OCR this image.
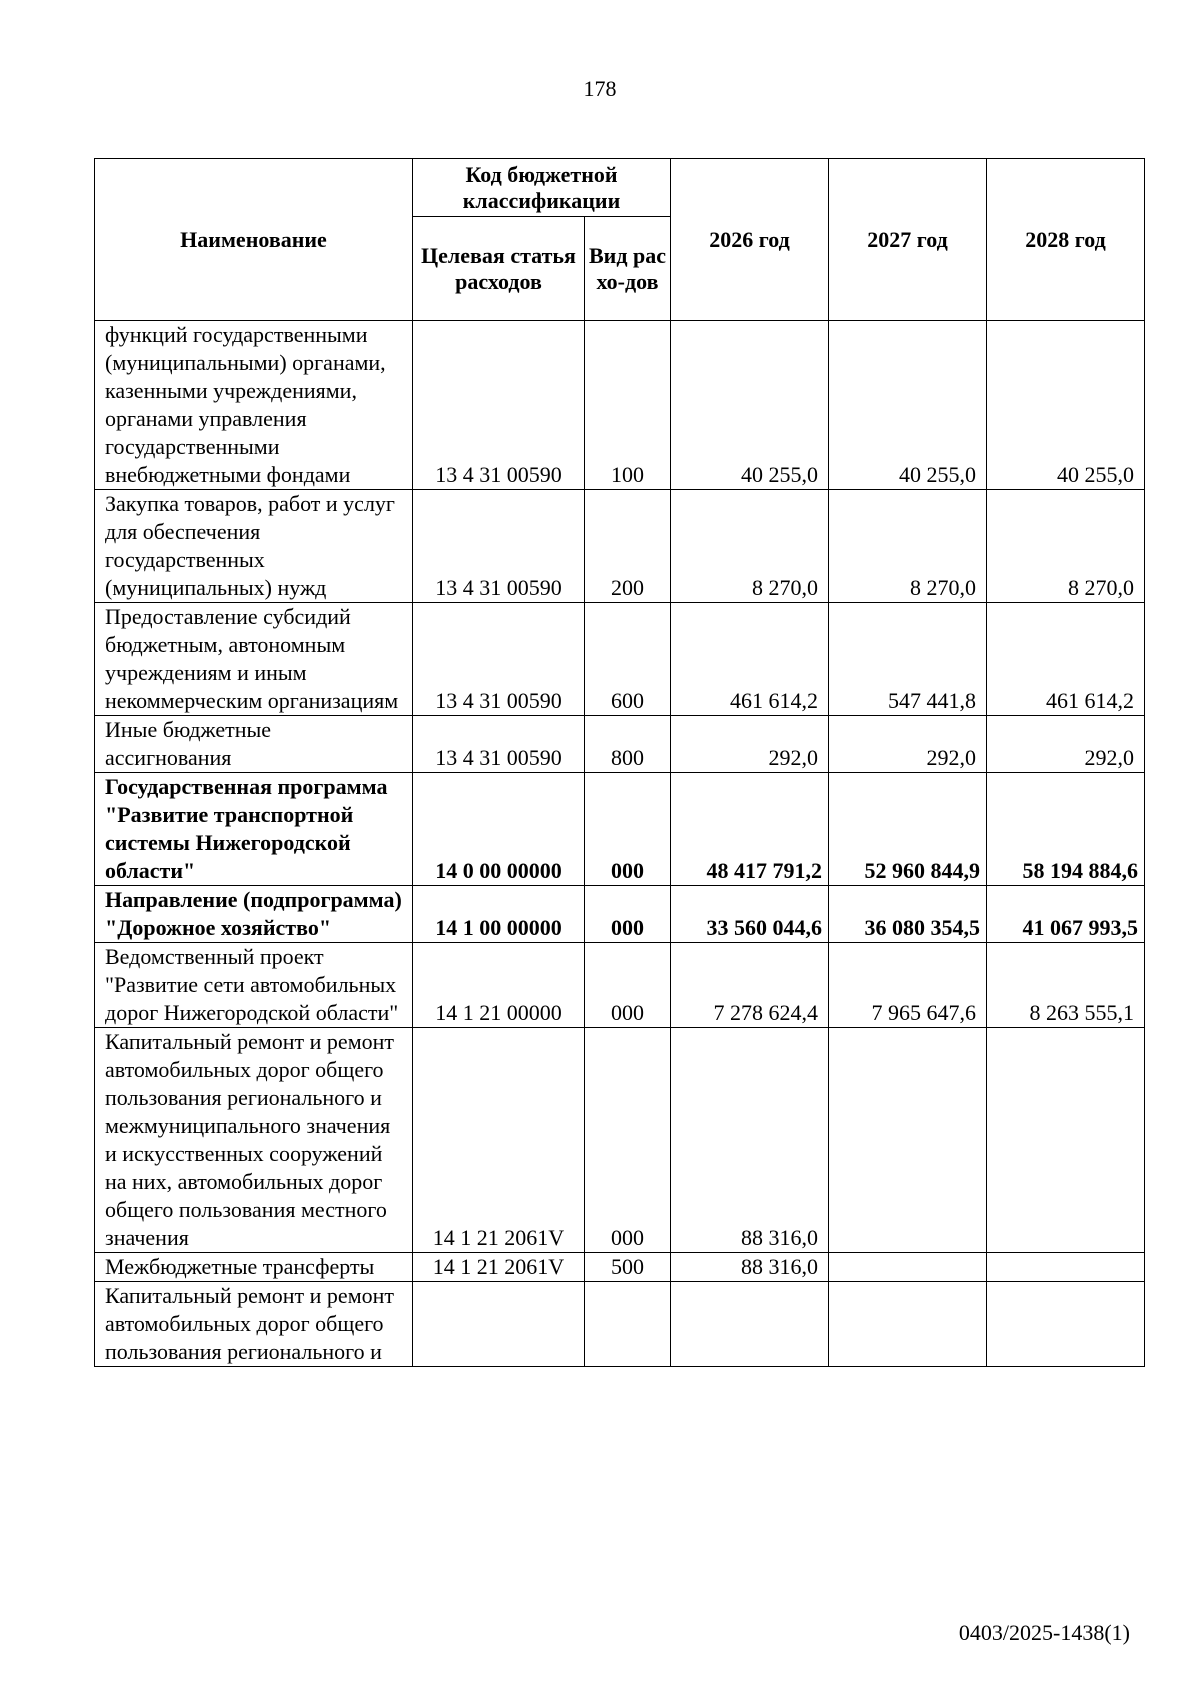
178
Наименование	Код бюджетной классификации		2026 год	2027 год	2028 год
	Целевая статья расходов	Вид расхо-дов			
функций государственными (муниципальными) органами, казенными учреждениями, органами управления государственными внебюджетными фондами	13 4 31 00590	100	40 255,0	40 255,0	40 255,0
Закупка товаров, работ и услуг для обеспечения государственных (муниципальных) нужд	13 4 31 00590	200	8 270,0	8 270,0	8 270,0
Предоставление субсидий бюджетным, автономным учреждениям и иным некоммерческим организациям	13 4 31 00590	600	461 614,2	547 441,8	461 614,2
Иные бюджетные ассигнования	13 4 31 00590	800	292,0	292,0	292,0
Государственная программа "Развитие транспортной системы Нижегородской области"	14 0 00 00000	000	48 417 791,2	52 960 844,9	58 194 884,6
Направление (подпрограмма) "Дорожное хозяйство"	14 1 00 00000	000	33 560 044,6	36 080 354,5	41 067 993,5
Ведомственный проект "Развитие сети автомобильных дорог Нижегородской области"	14 1 21 00000	000	7 278 624,4	7 965 647,6	8 263 555,1
Капитальный ремонт и ремонт автомобильных дорог общего пользования регионального и межмуниципального значения и искусственных сооружений на них, автомобильных дорог общего пользования местного значения	14 1 21 2061V	000	88 316,0		
Межбюджетные трансферты	14 1 21 2061V	500	88 316,0		
Капитальный ремонт и ремонт автомобильных дорог общего пользования регионального и					
0403/2025-1438(1)
